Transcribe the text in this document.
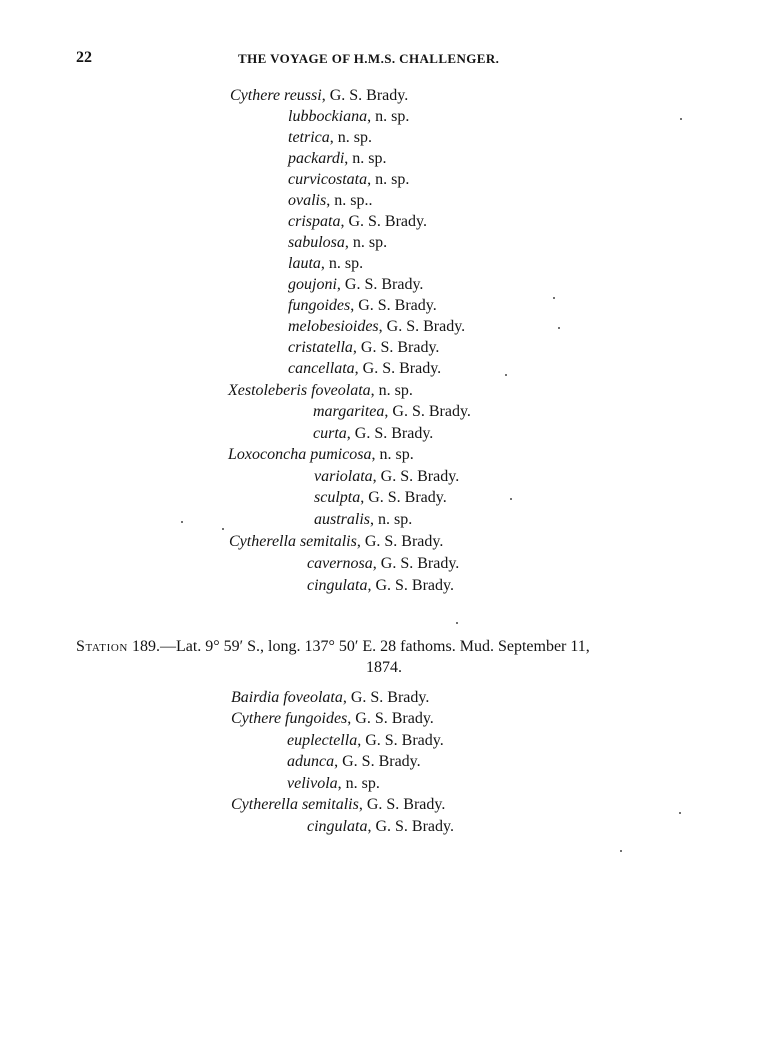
22	THE VOYAGE OF H.M.S. CHALLENGER.
Cythere reussi, G. S. Brady.
lubbockiana, n. sp.
tetrica, n. sp.
packardi, n. sp.
curvicostata, n. sp.
ovalis, n. sp..
crispata, G. S. Brady.
sabulosa, n. sp.
lauta, n. sp.
goujoni, G. S. Brady.
fungoides, G. S. Brady.
melobesioides, G. S. Brady.
cristatella, G. S. Brady.
cancellata, G. S. Brady.
Xestoleberis foveolata, n. sp.
margaritea, G. S. Brady.
curta, G. S. Brady.
Loxoconcha pumicosa, n. sp.
variolata, G. S. Brady.
sculpta, G. S. Brady.
australis, n. sp.
Cytherella semitalis, G. S. Brady.
cavernosa, G. S. Brady.
cingulata, G. S. Brady.
Station 189.—Lat. 9° 59′ S., long. 137° 50′ E. 28 fathoms. Mud. September 11,
1874.
Bairdia foveolata, G. S. Brady.
Cythere fungoides, G. S. Brady.
euplectella, G. S. Brady.
adunca, G. S. Brady.
velivola, n. sp.
Cytherella semitalis, G. S. Brady.
cingulata, G. S. Brady.
